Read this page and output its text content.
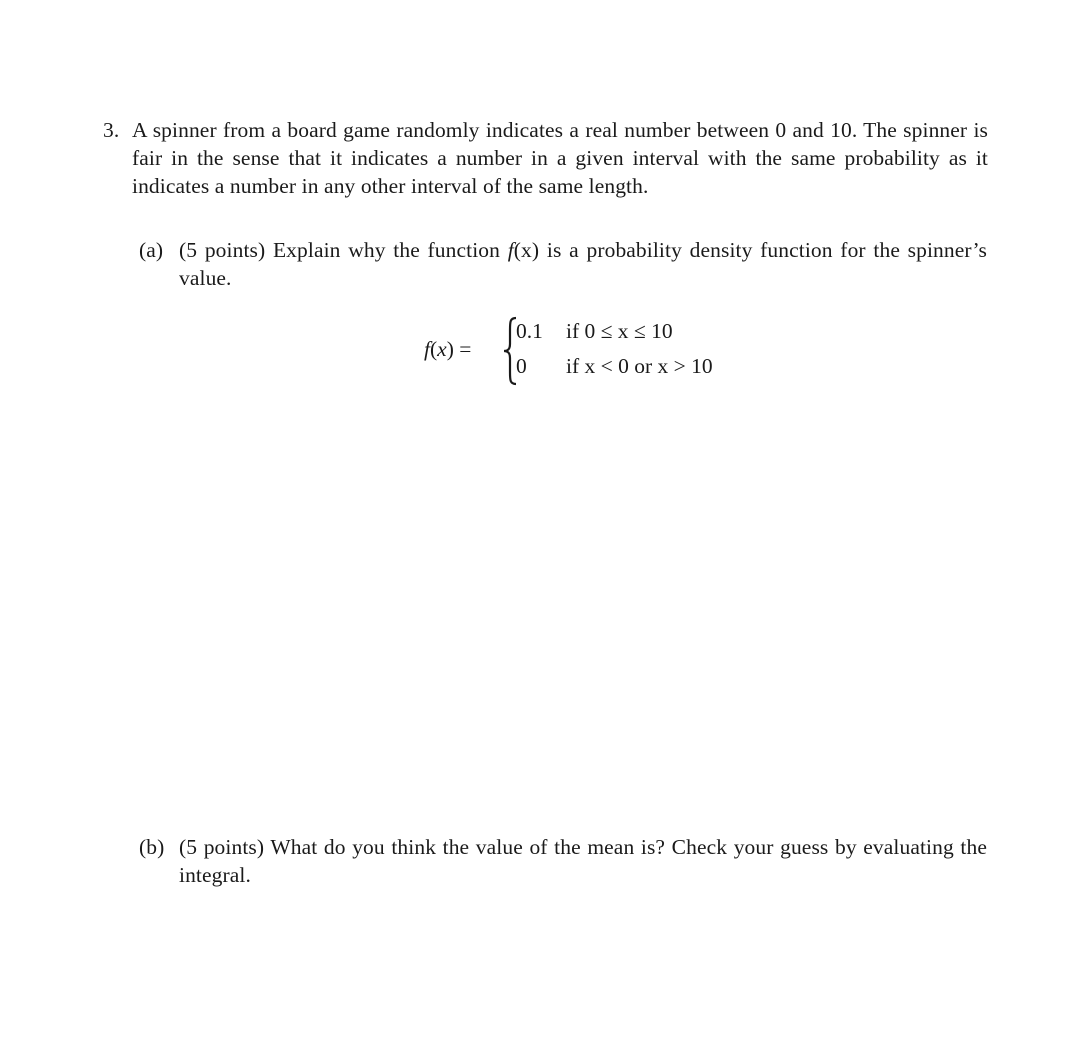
3. A spinner from a board game randomly indicates a real number between 0 and 10. The spinner is fair in the sense that it indicates a number in a given interval with the same probability as it indicates a number in any other interval of the same length.
(a) (5 points) Explain why the function f(x) is a probability density function for the spinner’s value.
f(x) =
0.1 if 0 ≤ x ≤ 10
0 if x < 0 or x > 10
(b) (5 points) What do you think the value of the mean is? Check your guess by evaluating the integral.
